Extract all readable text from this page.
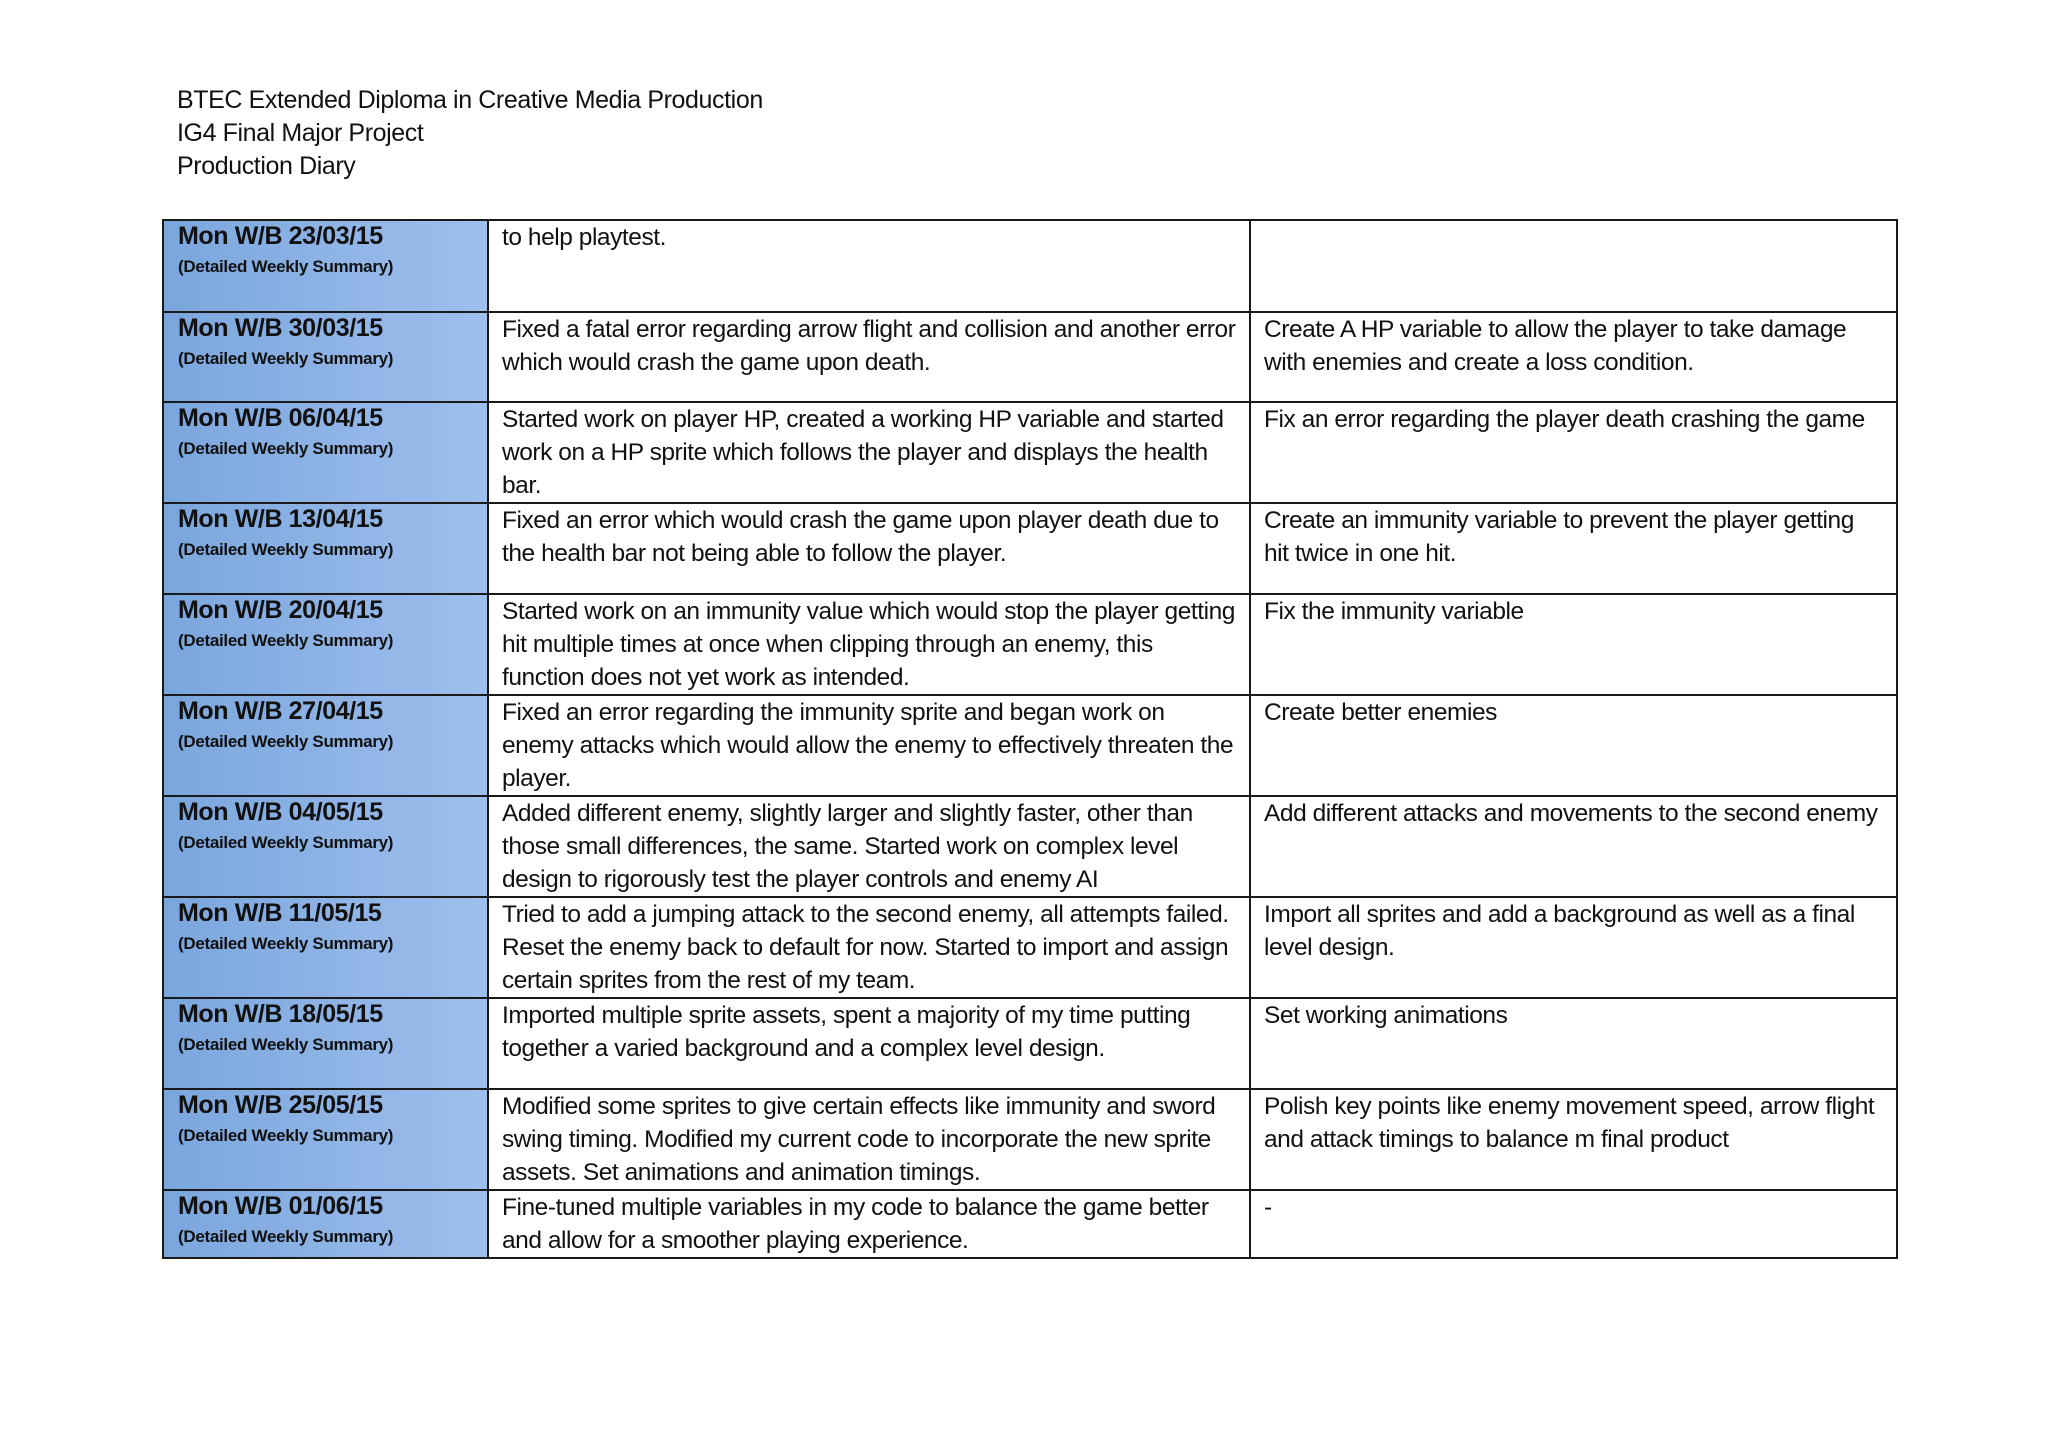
BTEC Extended Diploma in Creative Media Production
IG4 Final Major Project
Production Diary
Mon W/B 23/03/15
(Detailed Weekly Summary)	to help playtest.	

Mon W/B 30/03/15
(Detailed Weekly Summary)	Fixed a fatal error regarding arrow flight and collision and another error which would crash the game upon death.	Create A HP variable to allow the player to take damage with enemies and create a loss condition.

Mon W/B 06/04/15
(Detailed Weekly Summary)	Started work on player HP, created a working HP variable and started work on a HP sprite which follows the player and displays the health bar.	Fix an error regarding the player death crashing the game

Mon W/B 13/04/15
(Detailed Weekly Summary)	Fixed an error which would crash the game upon player death due to the health bar not being able to follow the player.	Create an immunity variable to prevent the player getting hit twice in one hit.

Mon W/B 20/04/15
(Detailed Weekly Summary)	Started work on an immunity value which would stop the player getting hit multiple times at once when clipping through an enemy, this function does not yet work as intended.	Fix the immunity variable

Mon W/B 27/04/15
(Detailed Weekly Summary)	Fixed an error regarding the immunity sprite and began work on enemy attacks which would allow the enemy to effectively threaten the player.	Create better enemies

Mon W/B 04/05/15
(Detailed Weekly Summary)	Added different enemy, slightly larger and slightly faster, other than those small differences, the same. Started work on complex level design to rigorously test the player controls and enemy AI	Add different attacks and movements to the second enemy

Mon W/B 11/05/15
(Detailed Weekly Summary)	Tried to add a jumping attack to the second enemy, all attempts failed. Reset the enemy back to default for now. Started to import and assign certain sprites from the rest of my team.	Import all sprites and add a background as well as a final level design.

Mon W/B 18/05/15
(Detailed Weekly Summary)	Imported multiple sprite assets, spent a majority of my time putting together a varied background and a complex level design.	Set working animations

Mon W/B 25/05/15
(Detailed Weekly Summary)	Modified some sprites to give certain effects like immunity and sword swing timing. Modified my current code to incorporate the new sprite assets. Set animations and animation timings.	Polish key points like enemy movement speed, arrow flight and attack timings to balance m final product

Mon W/B 01/06/15
(Detailed Weekly Summary)	Fine-tuned multiple variables in my code to balance the game better and allow for a smoother playing experience.	-
